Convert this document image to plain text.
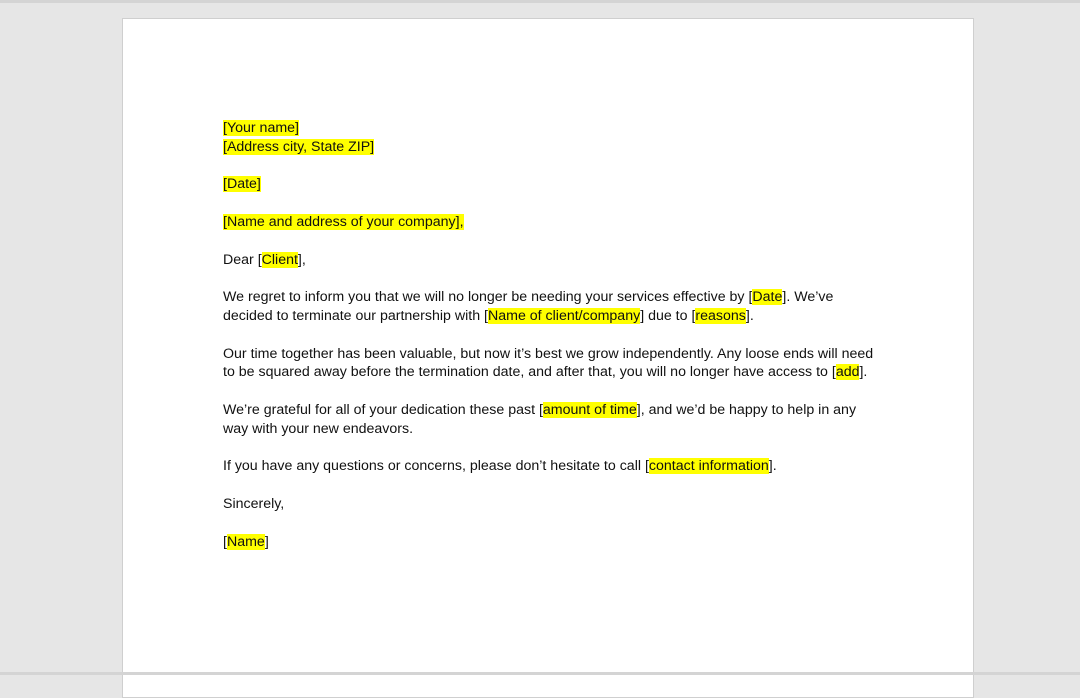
[Your name]
[Address city, State ZIP]
[Date]
[Name and address of your company],
Dear [Client],
We regret to inform you that we will no longer be needing your services effective by [Date]. We’ve
decided to terminate our partnership with [Name of client/company] due to [reasons].
Our time together has been valuable, but now it’s best we grow independently. Any loose ends will need
to be squared away before the termination date, and after that, you will no longer have access to [add].
We’re grateful for all of your dedication these past [amount of time], and we’d be happy to help in any
way with your new endeavors.
If you have any questions or concerns, please don’t hesitate to call [contact information].
Sincerely,
[Name]
